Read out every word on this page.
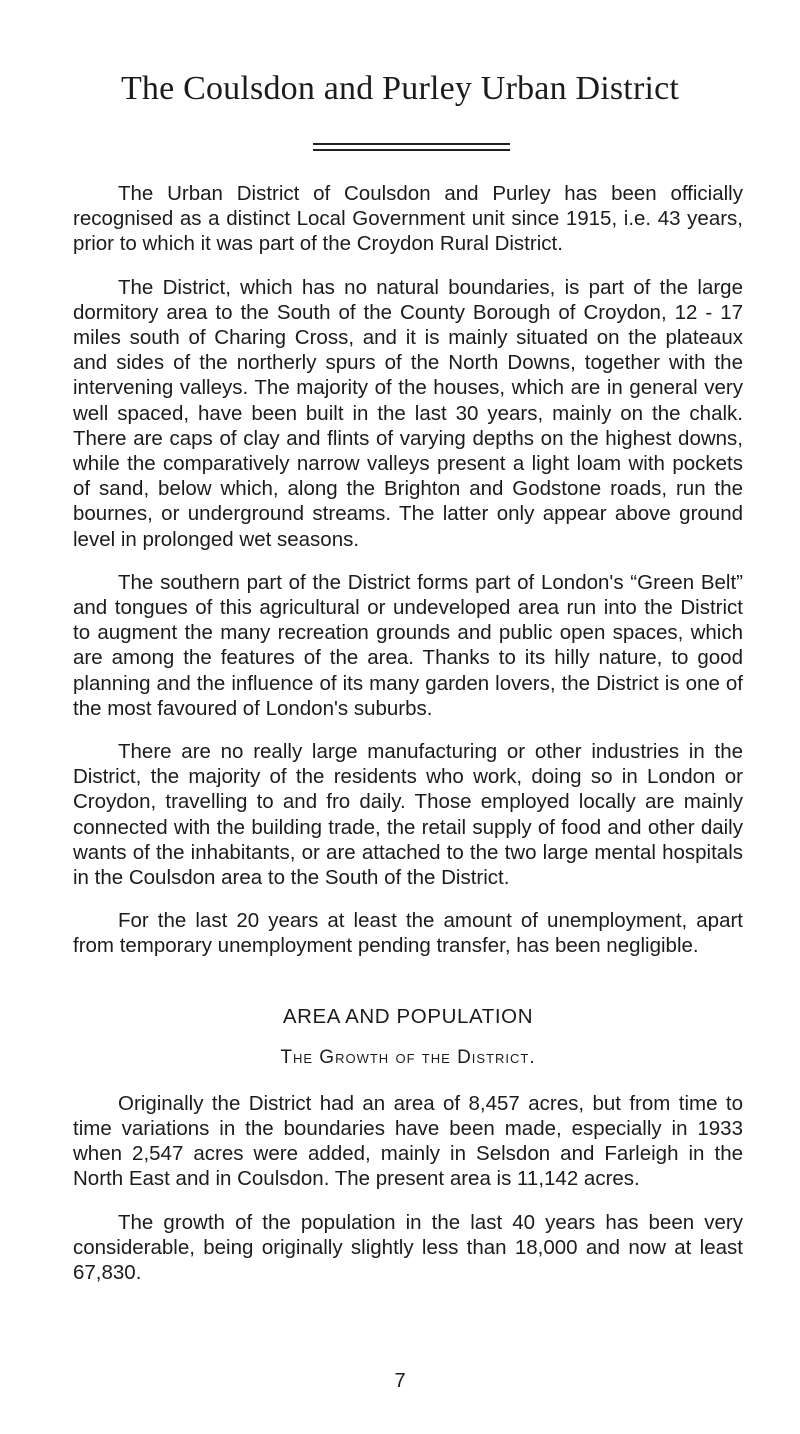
The Coulsdon and Purley Urban District

The Urban District of Coulsdon and Purley has been officially recognised as a distinct Local Government unit since 1915, i.e. 43 years, prior to which it was part of the Croydon Rural District.

The District, which has no natural boundaries, is part of the large dormitory area to the South of the County Borough of Croydon, 12 - 17 miles south of Charing Cross, and it is mainly situated on the plateaux and sides of the northerly spurs of the North Downs, together with the intervening valleys. The majority of the houses, which are in general very well spaced, have been built in the last 30 years, mainly on the chalk. There are caps of clay and flints of varying depths on the highest downs, while the comparatively narrow valleys present a light loam with pockets of sand, below which, along the Brighton and Godstone roads, run the bournes, or underground streams. The latter only appear above ground level in prolonged wet seasons.

The southern part of the District forms part of London's “Green Belt” and tongues of this agricultural or undeveloped area run into the District to augment the many recreation grounds and public open spaces, which are among the features of the area. Thanks to its hilly nature, to good planning and the influence of its many garden lovers, the District is one of the most favoured of London's suburbs.

There are no really large manufacturing or other industries in the District, the majority of the residents who work, doing so in London or Croydon, travelling to and fro daily. Those employed locally are mainly connected with the building trade, the retail supply of food and other daily wants of the inhabitants, or are attached to the two large mental hospitals in the Coulsdon area to the South of the District.

For the last 20 years at least the amount of unemployment, apart from temporary unemployment pending transfer, has been negligible.

AREA AND POPULATION
The Growth of the District.

Originally the District had an area of 8,457 acres, but from time to time variations in the boundaries have been made, especially in 1933 when 2,547 acres were added, mainly in Selsdon and Farleigh in the North East and in Coulsdon. The present area is 11,142 acres.

The growth of the population in the last 40 years has been very considerable, being originally slightly less than 18,000 and now at least 67,830.

7
